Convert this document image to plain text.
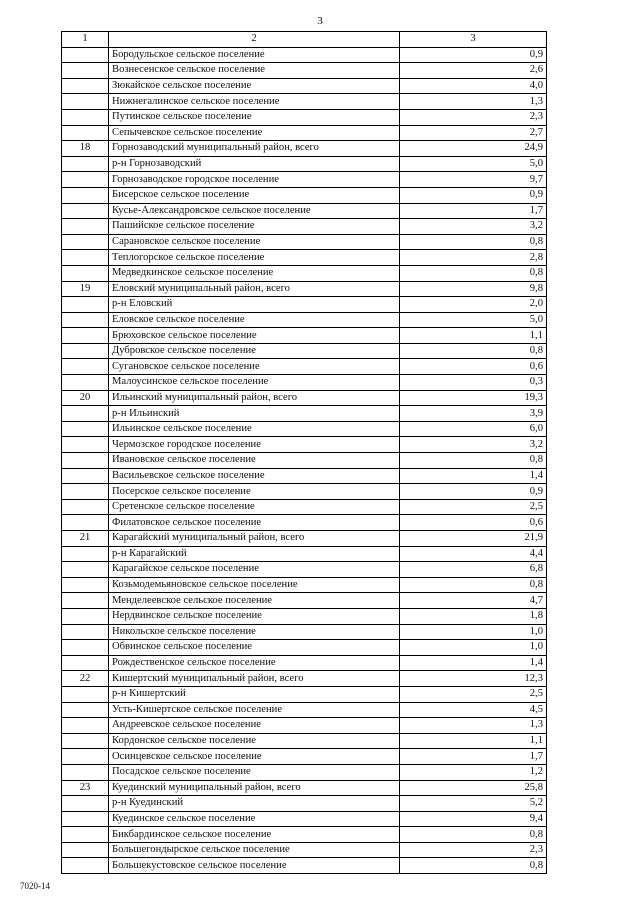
3
1	2	3
	Бородульское сельское поселение	0,9
	Вознесенское сельское поселение	2,6
	Зюкайское сельское поселение	4,0
	Нижнегалинское сельское поселение	1,3
	Путинское сельское поселение	2,3
	Сепычевское сельское поселение	2,7
18	Горнозаводский муниципальный район, всего	24,9
	р-н Горнозаводский	5,0
	Горнозаводское городское поселение	9,7
	Бисерское сельское поселение	0,9
	Кусье-Александровское сельское поселение	1,7
	Пашийское сельское поселение	3,2
	Сарановское сельское поселение	0,8
	Теплогорское сельское поселение	2,8
	Медведкинское сельское поселение	0,8
19	Еловский муниципальный район, всего	9,8
	р-н Еловский	2,0
	Еловское сельское поселение	5,0
	Брюховское сельское поселение	1,1
	Дубровское сельское поселение	0,8
	Сугановское сельское поселение	0,6
	Малоусинское сельское поселение	0,3
20	Ильинский муниципальный район, всего	19,3
	р-н Ильинский	3,9
	Ильинское сельское поселение	6,0
	Чермозское городское поселение	3,2
	Ивановское сельское поселение	0,8
	Васильевское сельское поселение	1,4
	Посерское сельское поселение	0,9
	Сретенское сельское поселение	2,5
	Филатовское сельское поселение	0,6
21	Карагайский муниципальный район, всего	21,9
	р-н Карагайский	4,4
	Карагайское сельское поселение	6,8
	Козьмодемьяновское сельское поселение	0,8
	Менделеевское сельское поселение	4,7
	Нердвинское сельское поселение	1,8
	Никольское сельское поселение	1,0
	Обвинское сельское поселение	1,0
	Рождественское сельское поселение	1,4
22	Кишертский муниципальный район, всего	12,3
	р-н Кишертский	2,5
	Усть-Кишертское сельское поселение	4,5
	Андреевское сельское поселение	1,3
	Кордонское сельское поселение	1,1
	Осинцевское сельское поселение	1,7
	Посадское сельское поселение	1,2
23	Куединский муниципальный район, всего	25,8
	р-н Куединский	5,2
	Куединское сельское поселение	9,4
	Бикбардинское сельское поселение	0,8
	Большегондырское сельское поселение	2,3
	Большекустовское сельское поселение	0,8
7020-14
